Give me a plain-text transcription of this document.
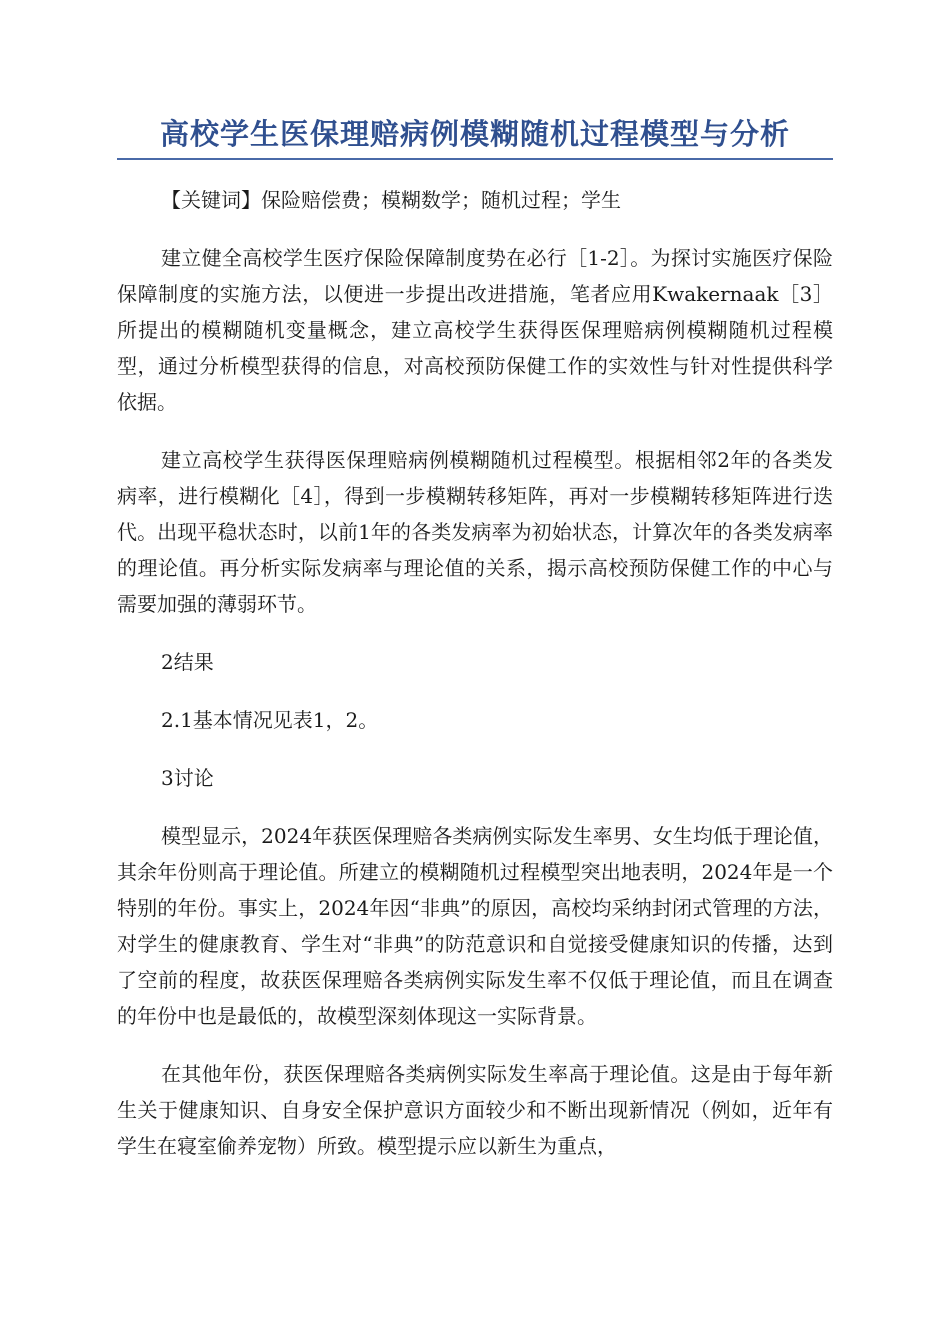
高校学生医保理赔病例模糊随机过程模型与分析

【关键词】保险赔偿费；模糊数学；随机过程；学生

建立健全高校学生医疗保险保障制度势在必行［1-2］。为探讨实施医疗保险保障制度的实施方法，以便进一步提出改进措施，笔者应用Kwakernaak［3］所提出的模糊随机变量概念，建立高校学生获得医保理赔病例模糊随机过程模型，通过分析模型获得的信息，对高校预防保健工作的实效性与针对性提供科学依据。

建立高校学生获得医保理赔病例模糊随机过程模型。根据相邻2年的各类发病率，进行模糊化［4］，得到一步模糊转移矩阵，再对一步模糊转移矩阵进行迭代。出现平稳状态时，以前1年的各类发病率为初始状态，计算次年的各类发病率的理论值。再分析实际发病率与理论值的关系，揭示高校预防保健工作的中心与需要加强的薄弱环节。

2结果

2.1基本情况见表1，2。

3讨论

模型显示，2024年获医保理赔各类病例实际发生率男、女生均低于理论值，其余年份则高于理论值。所建立的模糊随机过程模型突出地表明，2024年是一个特别的年份。事实上，2024年因“非典”的原因，高校均采纳封闭式管理的方法，对学生的健康教育、学生对“非典”的防范意识和自觉接受健康知识的传播，达到了空前的程度，故获医保理赔各类病例实际发生率不仅低于理论值，而且在调查的年份中也是最低的，故模型深刻体现这一实际背景。

在其他年份，获医保理赔各类病例实际发生率高于理论值。这是由于每年新生关于健康知识、自身安全保护意识方面较少和不断出现新情况（例如，近年有学生在寝室偷养宠物）所致。模型提示应以新生为重点，
